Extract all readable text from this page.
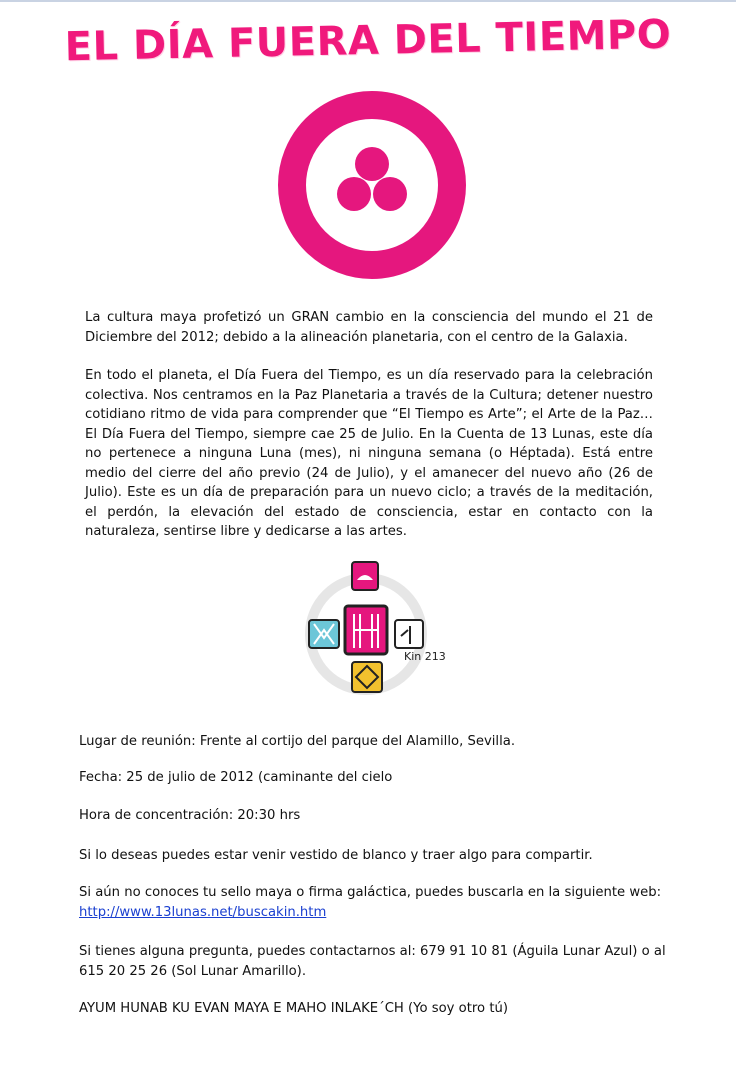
EL DÍA FUERA DEL TIEMPO

La cultura maya profetizó un GRAN cambio en la consciencia del mundo el 21 de Diciembre del 2012; debido a la alineación planetaria, con el centro de la Galaxia.

En todo el planeta, el Día Fuera del Tiempo, es un día reservado para la celebración colectiva. Nos centramos en la Paz Planetaria a través de la Cultura; detener nuestro cotidiano ritmo de vida para comprender que “El Tiempo es Arte”; el Arte de la Paz… El Día Fuera del Tiempo, siempre cae 25 de Julio. En la Cuenta de 13 Lunas, este día no pertenece a ninguna Luna (mes), ni ninguna semana (o Héptada). Está entre medio del cierre del año previo (24 de Julio), y el amanecer del nuevo año (26 de Julio). Este es un día de preparación para un nuevo ciclo; a través de la meditación, el perdón, la elevación del estado de consciencia, estar en contacto con la naturaleza, sentirse libre y dedicarse a las artes.

Kin 213

Lugar de reunión: Frente al cortijo del parque del Alamillo, Sevilla.

Fecha: 25 de julio de 2012 (caminante del cielo

Hora de concentración: 20:30 hrs

Si lo deseas puedes estar venir vestido de blanco y traer algo para compartir.

Si aún no conoces tu sello maya o firma galáctica, puedes buscarla en la siguiente web:
http://www.13lunas.net/buscakin.htm

Si tienes alguna pregunta, puedes contactarnos al: 679 91 10 81 (Águila Lunar Azul) o al 615 20 25 26 (Sol Lunar Amarillo).

AYUM HUNAB KU EVAN MAYA E MAHO INLAKE´CH (Yo soy otro tú)
